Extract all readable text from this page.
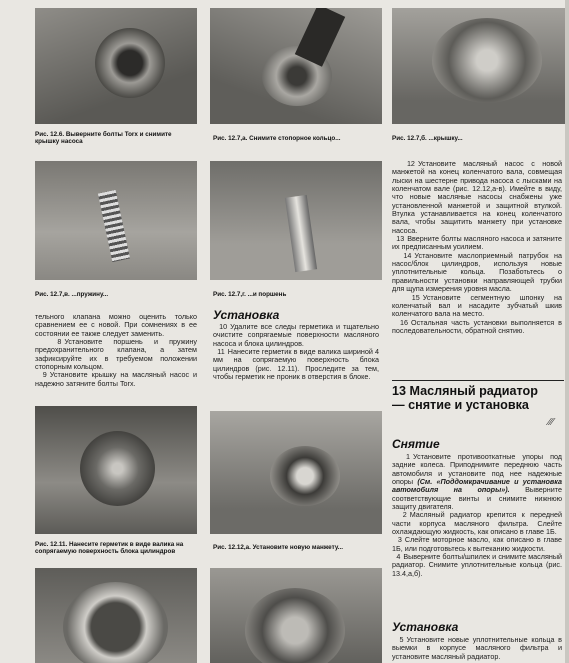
Рис. 12.6. Выверните болты Torx и снимите крышку насоса	Рис. 12.7,а. Снимите стопорное кольцо...	Рис. 12.7,б. ...крышку...

Рис. 12.7,в. ...пружину...	Рис. 12.7,г. ...и поршень

тельного клапана можно оценить только сравнением ее с новой. При сомнениях в ее состоянии ее также следует заменить.

8 Установите поршень и пружину предохранительного клапана, а затем зафиксируйте их в требуемом положении стопорным кольцом.

9 Установите крышку на масляный насос и надежно затяните болты Torx.

Установка

10 Удалите все следы герметика и тщательно очистите сопрягаемые поверхности масляного насоса и блока цилиндров.

11 Нанесите герметик в виде валика шириной 4 мм на сопрягаемую поверхность блока цилиндров (рис. 12.11). Проследите за тем, чтобы герметик не проник в отверстия в блоке.

Рис. 12.11. Нанесите герметик в виде валика на сопрягаемую поверхность блока цилиндров

Рис. 12.12,а. Установите новую манжету...

12 Установите масляный насос с новой манжетой на конец коленчатого вала, совмещая лыски на шестерне привода насоса с лысками на коленчатом вале (рис. 12.12,а-в). Имейте в виду, что новые масляные насосы снабжены уже установленной манжетой и защитной втулкой. Втулка устанавливается на конец коленчатого вала, чтобы защитить манжету при установке насоса.

13 Вверните болты масляного насоса и затяните их предписанным усилием.

14 Установите маслоприемный патрубок на насос/блок цилиндров, используя новые уплотнительные кольца. Позаботьтесь о правильности установки направляющей трубки для щупа измерения уровня масла.

15 Установите сегментную шпонку на коленчатый вал и насадите зубчатый шкив коленчатого вала на место.

16 Остальная часть установки выполняется в последовательности, обратной снятию.

13 Масляный радиатор — снятие и установка

⁄⁄⁄

Снятие

1 Установите противооткатные упоры под задние колеса. Приподнимите переднюю часть автомобиля и установите под нее надежные опоры (См. «Поддомкрачивание и установка автомобиля на опоры»). Выверните соответствующие винты и снимите нижнюю защиту двигателя.

2 Масляный радиатор крепится к передней части корпуса масляного фильтра. Слейте охлаждающую жидкость, как описано в главе 1Б.

3 Слейте моторное масло, как описано в главе 1Б, или подготовьтесь к вытеканию жидкости.

4 Выверните болты/шпилек и снимите масляный радиатор. Снимите уплотнительные кольца (рис. 13.4,а,б).

Установка

5 Установите новые уплотнительные кольца в выемки в корпусе масляного фильтра и установите масляный радиатор.
